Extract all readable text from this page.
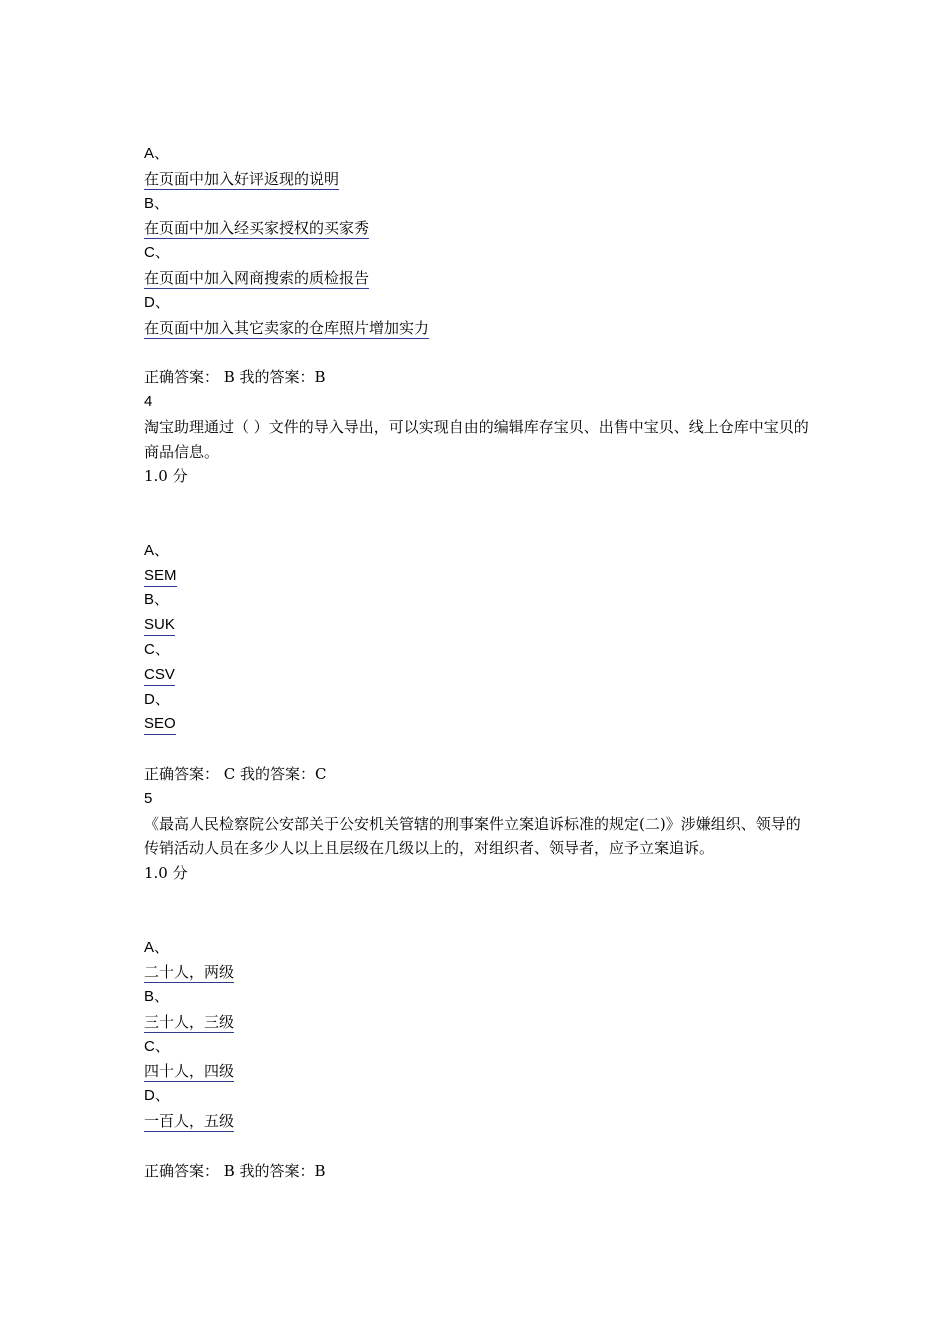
A、
在页面中加入好评返现的说明
B、
在页面中加入经买家授权的买家秀
C、
在页面中加入网商搜索的质检报告
D、
在页面中加入其它卖家的仓库照片增加实力
正确答案： B 我的答案：B
4
淘宝助理通过（ ）文件的导入导出，可以实现自由的编辑库存宝贝、出售中宝贝、线上仓库中宝贝的商品信息。
1.0 分
A、
SEM
B、
SUK
C、
CSV
D、
SEO
正确答案： C 我的答案：C
5
《最高人民检察院公安部关于公安机关管辖的刑事案件立案追诉标准的规定(二)》涉嫌组织、领导的传销活动人员在多少人以上且层级在几级以上的，对组织者、领导者，应予立案追诉。
1.0 分
A、
二十人，两级
B、
三十人，三级
C、
四十人，四级
D、
一百人，五级
正确答案： B 我的答案：B
